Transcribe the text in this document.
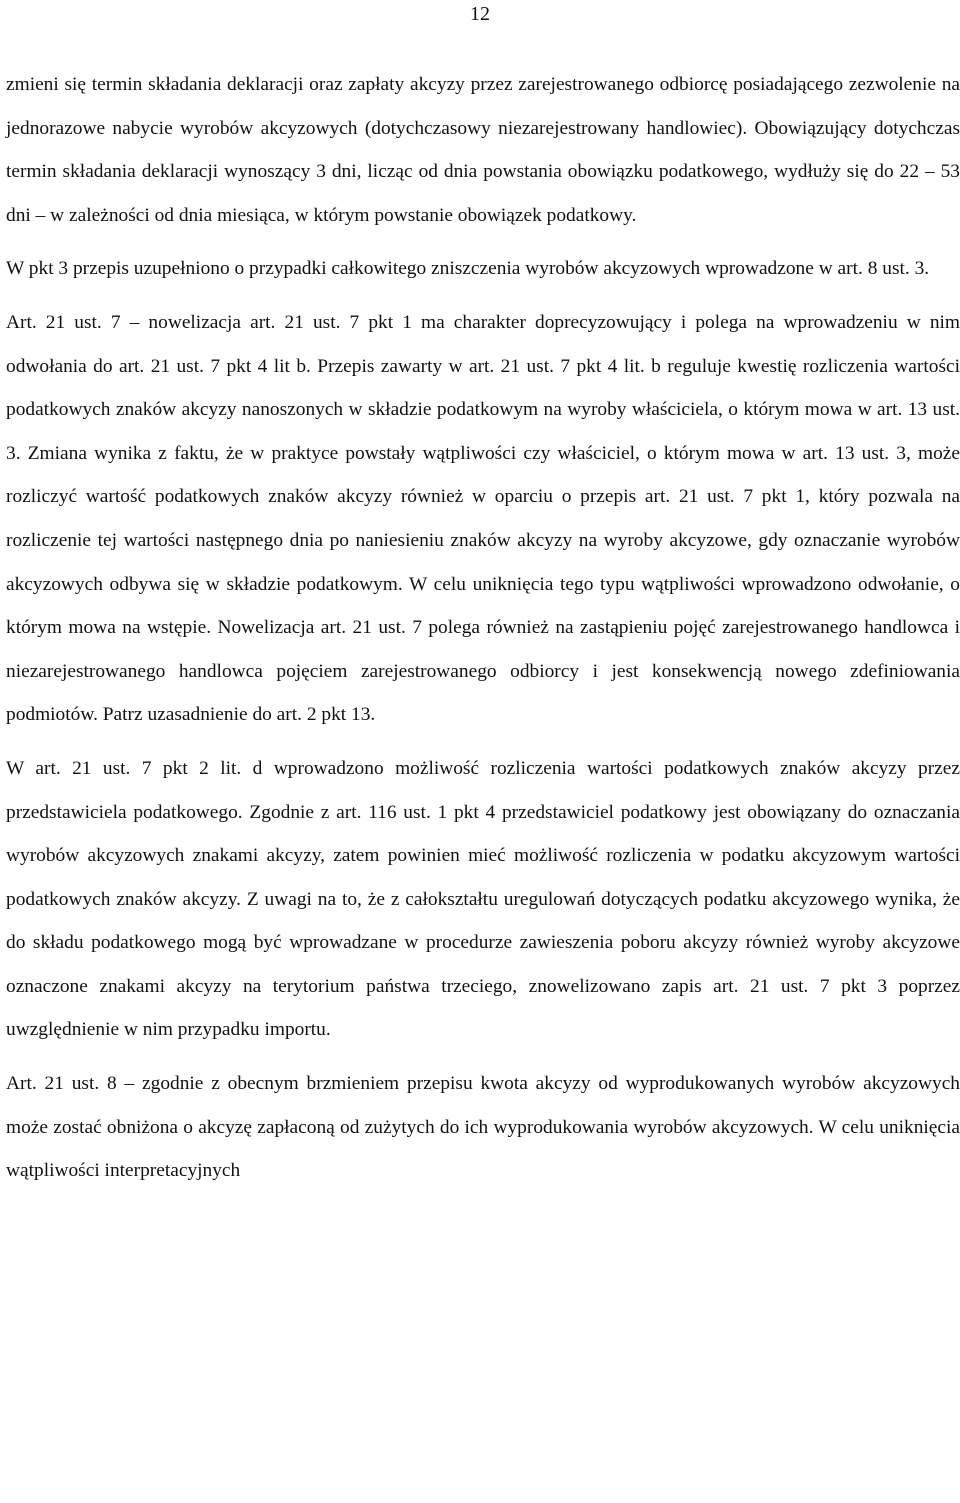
12

zmieni się termin składania deklaracji oraz zapłaty akcyzy przez zarejestrowanego odbiorcę posiadającego zezwolenie na jednorazowe nabycie wyrobów akcyzowych (dotychczasowy niezarejestrowany handlowiec). Obowiązujący dotychczas termin składania deklaracji wynoszący 3 dni, licząc od dnia powstania obowiązku podatkowego, wydłuży się do 22 – 53 dni – w zależności od dnia miesiąca, w którym powstanie obowiązek podatkowy.

W pkt 3 przepis uzupełniono o przypadki całkowitego zniszczenia wyrobów akcyzowych wprowadzone w art. 8 ust. 3.

Art. 21 ust. 7 – nowelizacja art. 21 ust. 7 pkt 1 ma charakter doprecyzowujący i polega na wprowadzeniu w nim odwołania do art. 21 ust. 7 pkt 4 lit b. Przepis zawarty w art. 21 ust. 7 pkt 4 lit. b reguluje kwestię rozliczenia wartości podatkowych znaków akcyzy nanoszonych w składzie podatkowym na wyroby właściciela, o którym mowa w art. 13 ust. 3. Zmiana wynika z faktu, że w praktyce powstały wątpliwości czy właściciel, o którym mowa w art. 13 ust. 3, może rozliczyć wartość podatkowych znaków akcyzy również w oparciu o przepis art. 21 ust. 7 pkt 1, który pozwala na rozliczenie tej wartości następnego dnia po naniesieniu znaków akcyzy na wyroby akcyzowe, gdy oznaczanie wyrobów akcyzowych odbywa się w składzie podatkowym. W celu uniknięcia tego typu wątpliwości wprowadzono odwołanie, o którym mowa na wstępie. Nowelizacja art. 21 ust. 7 polega również na zastąpieniu pojęć zarejestrowanego handlowca i niezarejestrowanego handlowca pojęciem zarejestrowanego odbiorcy i jest konsekwencją nowego zdefiniowania podmiotów. Patrz uzasadnienie do art. 2 pkt 13.

W art. 21 ust. 7 pkt 2 lit. d wprowadzono możliwość rozliczenia wartości podatkowych znaków akcyzy przez przedstawiciela podatkowego. Zgodnie z art. 116 ust. 1 pkt 4 przedstawiciel podatkowy jest obowiązany do oznaczania wyrobów akcyzowych znakami akcyzy, zatem powinien mieć możliwość rozliczenia w podatku akcyzowym wartości podatkowych znaków akcyzy. Z uwagi na to, że z całokształtu uregulowań dotyczących podatku akcyzowego wynika, że do składu podatkowego mogą być wprowadzane w procedurze zawieszenia poboru akcyzy również wyroby akcyzowe oznaczone znakami akcyzy na terytorium państwa trzeciego, znowelizowano zapis art. 21 ust. 7 pkt 3 poprzez uwzględnienie w nim przypadku importu.

Art. 21 ust. 8 – zgodnie z obecnym brzmieniem przepisu kwota akcyzy od wyprodukowanych wyrobów akcyzowych może zostać obniżona o akcyzę zapłaconą od zużytych do ich wyprodukowania wyrobów akcyzowych. W celu uniknięcia wątpliwości interpretacyjnych
